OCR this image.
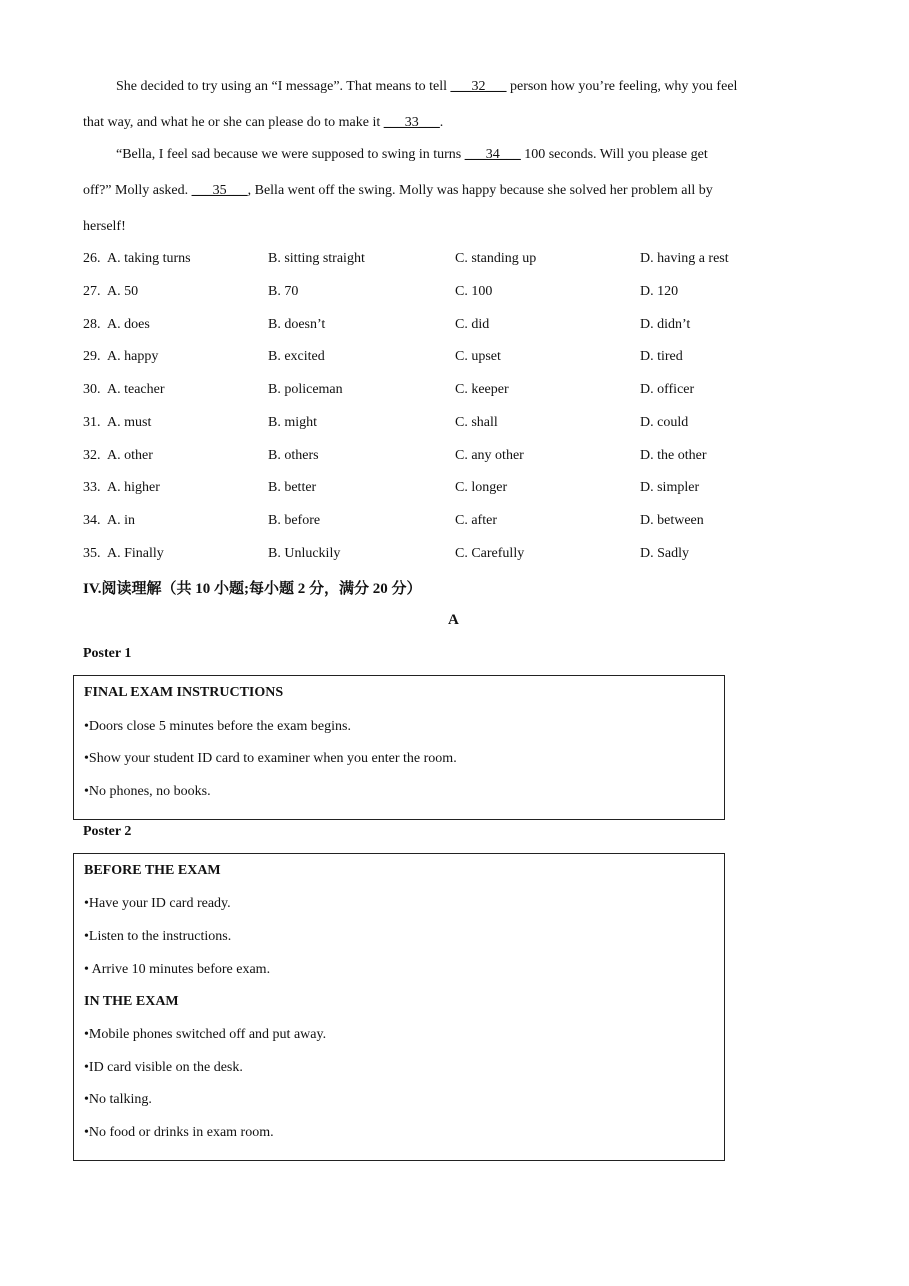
She decided to try using an “I message”. That means to tell ___32___ person how you’re feeling, why you feel
that way, and what he or she can please do to make it ___33___.
“Bella, I feel sad because we were supposed to swing in turns ___34___ 100 seconds. Will you please get
off?” Molly asked. ___35___, Bella went off the swing. Molly was happy because she solved her problem all by
herself!
26. A. taking turns	B. sitting straight	C. standing up	D. having a rest
27. A. 50	B. 70	C. 100	D. 120
28. A. does	B. doesn’t	C. did	D. didn’t
29. A. happy	B. excited	C. upset	D. tired
30. A. teacher	B. policeman	C. keeper	D. officer
31. A. must	B. might	C. shall	D. could
32. A. other	B. others	C. any other	D. the other
33. A. higher	B. better	C. longer	D. simpler
34. A. in	B. before	C. after	D. between
35. A. Finally	B. Unluckily	C. Carefully	D. Sadly
IV.阅读理解（共 10 小题;每小题 2 分，满分 20 分）
A
Poster 1
FINAL EXAM INSTRUCTIONS
•Doors close 5 minutes before the exam begins.
•Show your student ID card to examiner when you enter the room.
•No phones, no books.
Poster 2
BEFORE THE EXAM
•Have your ID card ready.
•Listen to the instructions.
• Arrive 10 minutes before exam.
IN THE EXAM
•Mobile phones switched off and put away.
•ID card visible on the desk.
•No talking.
•No food or drinks in exam room.
